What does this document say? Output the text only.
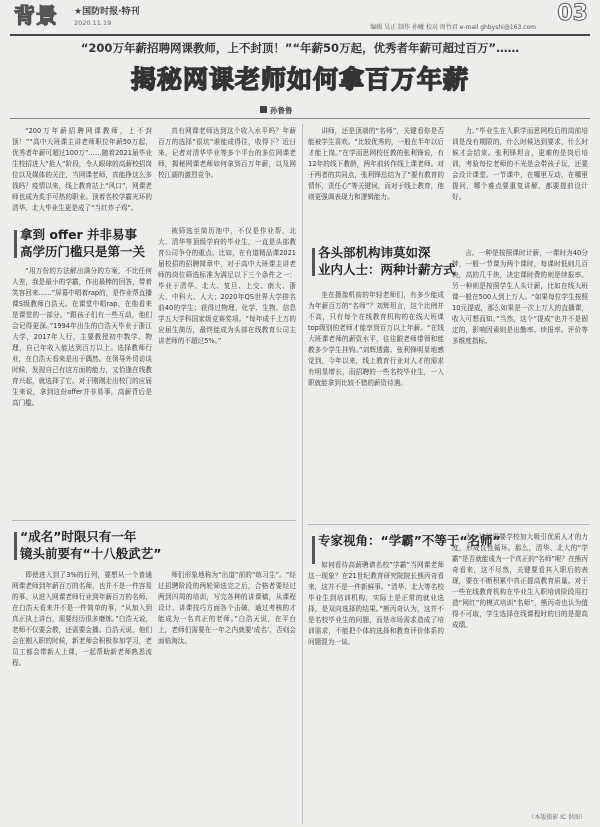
背景 ★国防时报·特刊
2020.11.19
编辑 吴正 制作 孙曦 校对 周竹君 e-mail ghbyshi@163.com
03
“200万年薪招聘网课教师，上不封顶！”“年薪50万起，优秀者年薪可超过百万”……
揭秘网课老师如何拿百万年薪
孙鲁鲁

“200万年薪招聘网课教师，上不封顶！”“高中大班课主讲老师职位年薪50万起，优秀者年薪可超过100万”……随着2021届毕业生校招进入“抢人”阶段，令人眼球的高薪校招岗位以及媒体的关注，当网课老师，真能挣这么多钱吗？疫情以来，线上教育站上“风口”，网课老师也成为炙手可热的职业。顶着名校学霸光环的清华、北大毕业生更是成了“当红炸子鸡”。

真有网课老师达到这个收入水平吗？年薪百万的选择“很坑”谁能成得住，收得下？近日来，记者对清华毕业等多个平台的多位网课老师，揭秘网课老师如何拿到百万年薪，以及网校江湖的激烈竞争。

拿到 offer 并非易事
高学历门槛只是第一关

“用万份的方法解出满分的方案，不比任何人差，我是最小的学霸，作出最棒的回答，带着笑容回来……”屏幕中唱着rap的，是作业帮直播课S级教师白浩天。在课堂中唱rap，在他看来是课堂的一部分。“跟孩子们有一些互动，他们会记得更深。”1994年出生的白浩天毕业于浙江大学，2017年入行，主要教授初中数学、物理，自己年收入能达到百万以上。选择教师行业，在白浩天看来是出于偶然。在领导外贸访谈时候，发现自己有这方面的能力，又恰逢在线教育兴起，就选择了它。对于刚刚走出校门的应届生来说，拿到这份offer并非易事，高薪背后是高门槛。

被筛选至简历池中，不仅是作业帮，北大、清华等顶级学府的毕业生，一直是头部教育公司争夺的重点。比如，在有道精品课2021届校招的招聘简章中，对于高中大班课主讲老师的岗位筛选标准为满足以下三个条件之一：毕业于清华、北大、复旦、上交、南大、浙大、中科大、人大；2020年QS世界大学排名前40的学生；获得过物理、化学、生物、信息学五大学科国家级竞赛奖项。“每年成千上万的应届生简历，最终能成为头部在线教育公司主讲老师的不超过5%。”

“成名”时限只有一年
镜头前要有“十八般武艺”

即使进入到了3%的行列，要想从一个普通网课老师到年薪百万的名师，也并不是一件容易的事。从进入网课老师行业到年薪百万的名师，在白浩天看来并不是一件简单的事，“从加入到真正执上讲台，需要经历很多磨炼。”白浩天说，老师不仅要会教，还需要会播。白浩天说，他们会在刚入职的时候，新老师会积极参加学习，老员工都会带新人上课，一起帮助新老师熟悉流程。

师们形象地称为“出道”前的“练习生”。“经过招聘阶段的两轮筛选完之后，合格者要经过两到四周的培训，写完各种的讲课稿，从课程设计、讲课技巧方面各个击破，通过考核的才能成为一名真正的老师。”白浩天说，在平台上，老师们需要在一年之内就要‘成名’，否则会面临淘汰。

讲师，还是顶端的“名师”，关键看你是否能被学生喜欢。“比较优秀的，一般在半年以后才能上岗。”在学而思网校任教的张利锋说，有12年的线下教龄，两年前转作线上课老师。对于两者的共同点，张利锋总结为了“要有教育的情怀，责任心”等关键词，而对于线上教育，他则更强调表现力和逻辑能力。

力。”毕业生在入职学而思网校后的岗前培训是没有期限的，什么时候达到要求，什么时候才会结束。张利锋坦言，更难的是岗后培训，考验每位老师的不光是会带孩子玩，还要会设计课堂。一节课中，在哪里互动，在哪里提问，哪个难点要重复讲解，都要提前设计好。

各头部机构讳莫如深
业内人士：两种计薪方式

坐在摄像机前的年轻老师们，有多少能成为年薪百万的“名师”？刘辉坦言，这个比例并不高，只有每个在线教育机构的在线大班课top级别的老师才能享到百万以上年薪。“在线大班课老师的薪资水平，往往跟老师带领和能教多少学生挂钩。”刘辉透露。张利锋明显地感觉到，今年以来，线上教育行业对人才的需求有明显增长，而招聘的一些名校毕业生，一入职就能拿到比较不错的薪资待遇。

言。一种是按照课时计薪，一课时为40分钟，一般一节课为两个课时，每课时低则几百块，高的几千块，决定课时费的则是续报率。另一种则是按照学生人头计薪，比如在线大班课一般在500人到上万人。“如果每位学生按照10元提成，那么如果是一次上万人的直播课，收入可想而知。”当然，这个“提成”也并不是固定的，影响因素则是出勤率、续报率、评价等多维度指标。

专家视角：“学霸”不等于“名师”

如何看待高薪聘请名校“学霸”当网课老师这一现象？在21世纪教育研究院院长熊丙奇看来，这并不是一件新鲜事。“清华、北大等名校毕业生到培训机构，实际上是正常的就业选择，是双向选择的结果。”熊丙奇认为，这并不是名校毕业生的问题，而是市场需求造成了培训需求，不能把个体的选择和教育评价体系的问题混为一谈。

为，这就需要学校加大吸引优质人才的力度，形成良性循环。那么，清华、北大的“学霸”是否就能成为一个真正的“名师”呢？在熊丙奇看来，这不尽然，关键要看其入职后的表现，要在不断积累中真正提高教育质量。对于一些在线教育机构在毕业生入职培训阶段用打造“网红”的模式培训“名师”，熊丙奇也认为值得不可取，学生选择在线课程时的目的是提高成绩。

（本版摄影 IC 供图）
